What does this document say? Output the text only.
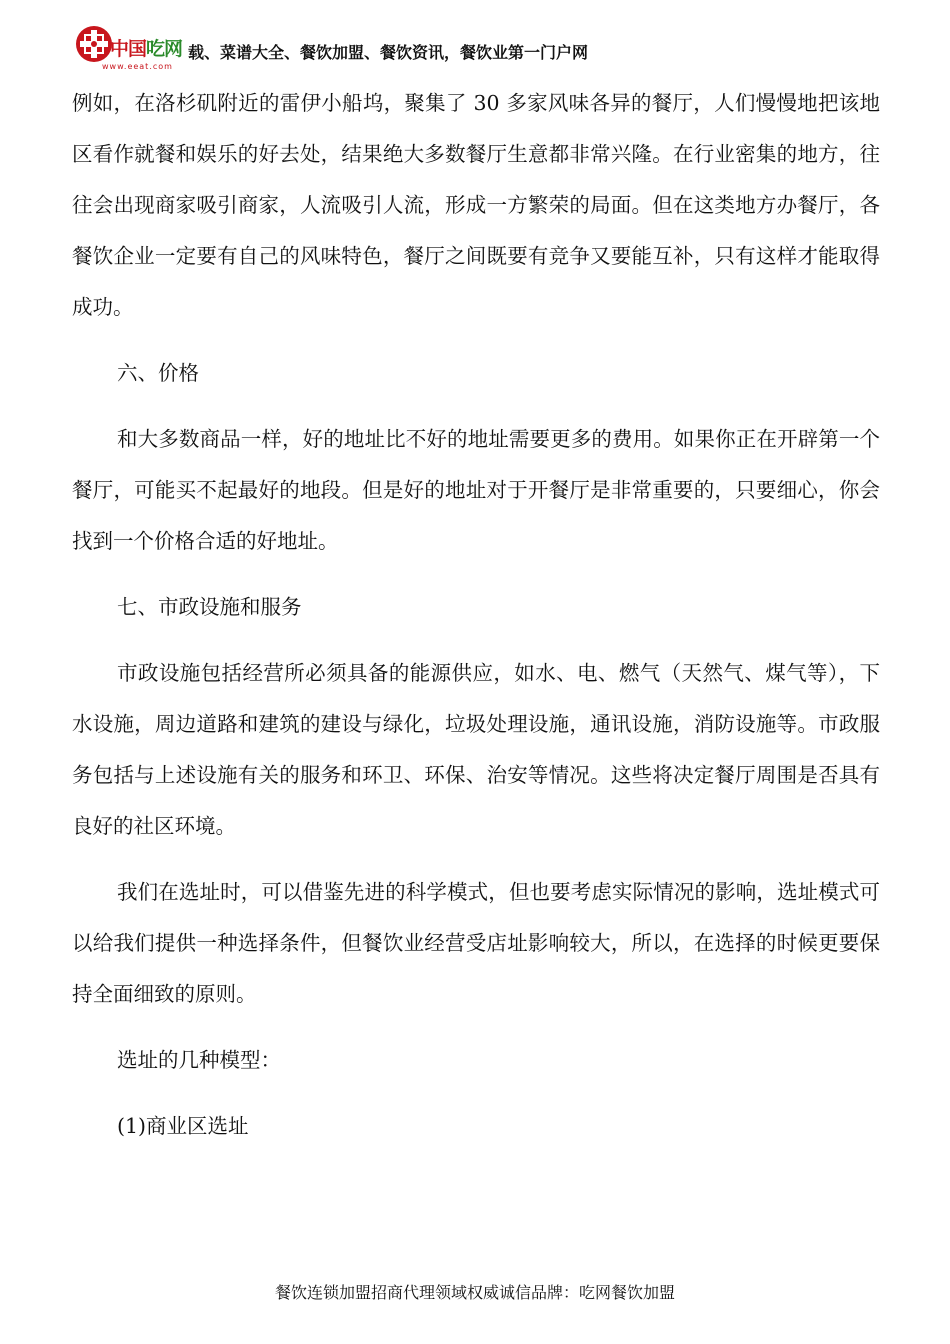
中国吃网
www.eeat.com
载、菜谱大全、餐饮加盟、餐饮资讯，餐饮业第一门户网

例如，在洛杉矶附近的雷伊小船坞，聚集了 30 多家风味各异的餐厅，人们慢慢地把该地区看作就餐和娱乐的好去处，结果绝大多数餐厅生意都非常兴隆。在行业密集的地方，往往会出现商家吸引商家，人流吸引人流，形成一方繁荣的局面。但在这类地方办餐厅，各餐饮企业一定要有自己的风味特色，餐厅之间既要有竞争又要能互补，只有这样才能取得成功。

六、价格

和大多数商品一样，好的地址比不好的地址需要更多的费用。如果你正在开辟第一个餐厅，可能买不起最好的地段。但是好的地址对于开餐厅是非常重要的，只要细心，你会找到一个价格合适的好地址。

七、市政设施和服务

市政设施包括经营所必须具备的能源供应，如水、电、燃气（天然气、煤气等），下水设施，周边道路和建筑的建设与绿化，垃圾处理设施，通讯设施，消防设施等。市政服务包括与上述设施有关的服务和环卫、环保、治安等情况。这些将决定餐厅周围是否具有良好的社区环境。

我们在选址时，可以借鉴先进的科学模式，但也要考虑实际情况的影响，选址模式可以给我们提供一种选择条件，但餐饮业经营受店址影响较大，所以，在选择的时候更要保持全面细致的原则。

选址的几种模型：

(1)商业区选址

餐饮连锁加盟招商代理领域权威诚信品牌：吃网餐饮加盟
